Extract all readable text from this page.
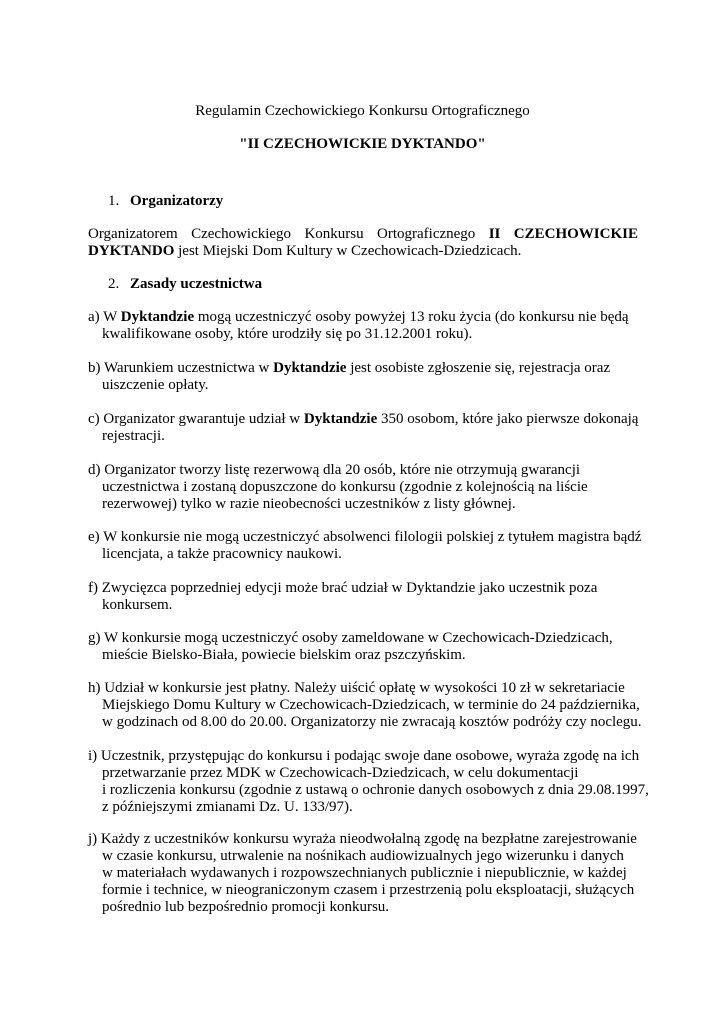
Regulamin Czechowickiego Konkursu Ortograficznego
"II CZECHOWICKIE DYKTANDO"
1. Organizatorzy
Organizatorem Czechowickiego Konkursu Ortograficznego II CZECHOWICKIE DYKTANDO jest Miejski Dom Kultury w Czechowicach-Dziedzicach.
2. Zasady uczestnictwa
a) W Dyktandzie mogą uczestniczyć osoby powyżej 13 roku życia (do konkursu nie będą
kwalifikowane osoby, które urodziły się po 31.12.2001 roku).
b) Warunkiem uczestnictwa w Dyktandzie jest osobiste zgłoszenie się, rejestracja oraz
uiszczenie opłaty.
c) Organizator gwarantuje udział w Dyktandzie 350 osobom, które jako pierwsze dokonają
rejestracji.
d) Organizator tworzy listę rezerwową dla 20 osób, które nie otrzymują gwarancji
uczestnictwa i zostaną dopuszczone do konkursu (zgodnie z kolejnością na liście
rezerwowej) tylko w razie nieobecności uczestników z listy głównej.
e) W konkursie nie mogą uczestniczyć absolwenci filologii polskiej z tytułem magistra bądź
licencjata, a także pracownicy naukowi.
f) Zwycięzca poprzedniej edycji może brać udział w Dyktandzie jako uczestnik poza
konkursem.
g) W konkursie mogą uczestniczyć osoby zameldowane w Czechowicach-Dziedzicach,
mieście Bielsko-Biała, powiecie bielskim oraz pszczyńskim.
h) Udział w konkursie jest płatny. Należy uiścić opłatę w wysokości 10 zł w sekretariacie
Miejskiego Domu Kultury w Czechowicach-Dziedzicach, w terminie do 24 października,
w godzinach od 8.00 do 20.00. Organizatorzy nie zwracają kosztów podróży czy noclegu.
i) Uczestnik, przystępując do konkursu i podając swoje dane osobowe, wyraża zgodę na ich
przetwarzanie przez MDK w Czechowicach-Dziedzicach, w celu dokumentacji
i rozliczenia konkursu (zgodnie z ustawą o ochronie danych osobowych z dnia 29.08.1997,
z późniejszymi zmianami Dz. U. 133/97).
j) Każdy z uczestników konkursu wyraża nieodwołalną zgodę na bezpłatne zarejestrowanie
w czasie konkursu, utrwalenie na nośnikach audiowizualnych jego wizerunku i danych
w materiałach wydawanych i rozpowszechnianych publicznie i niepublicznie, w każdej
formie i technice, w nieograniczonym czasem i przestrzenią polu eksploatacji, służących
pośrednio lub bezpośrednio promocji konkursu.
